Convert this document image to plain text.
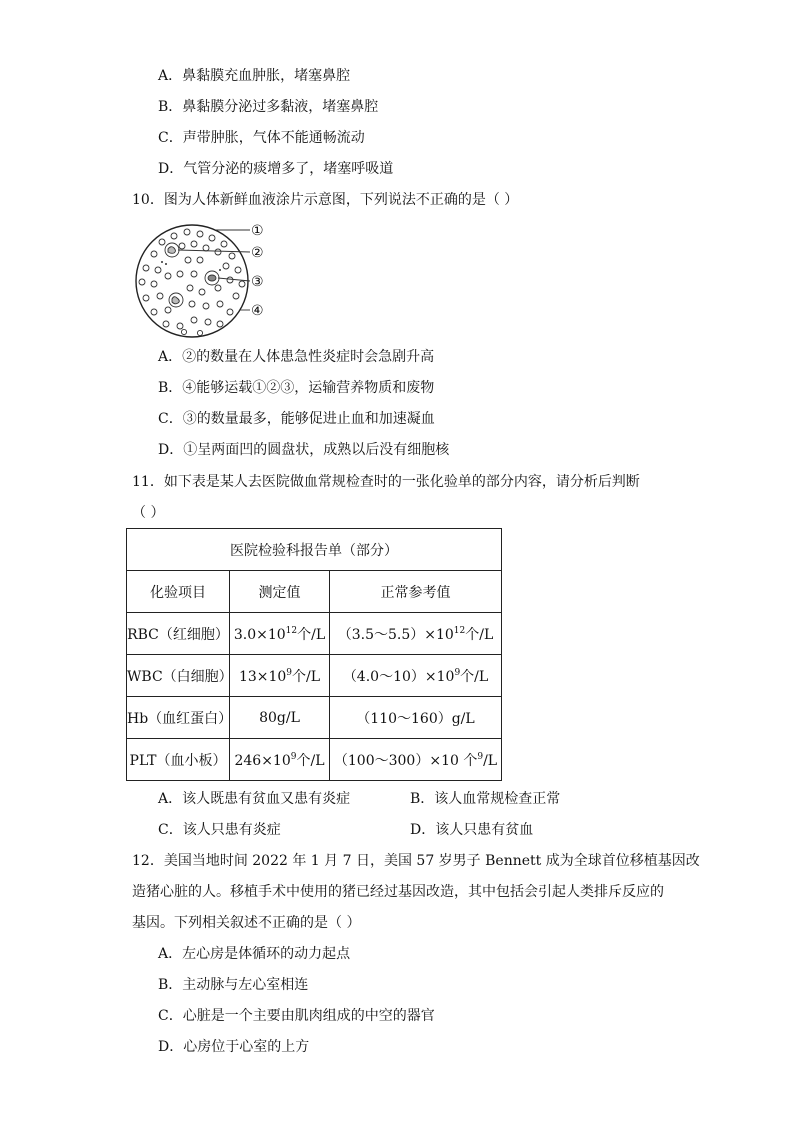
A．鼻黏膜充血肿胀，堵塞鼻腔
B．鼻黏膜分泌过多黏液，堵塞鼻腔
C．声带肿胀，气体不能通畅流动
D．气管分泌的痰增多了，堵塞呼吸道
10．图为人体新鲜血液涂片示意图，下列说法不正确的是（ ）
①
②
③
④
A．②的数量在人体患急性炎症时会急剧升高
B．④能够运载①②③，运输营养物质和废物
C．③的数量最多，能够促进止血和加速凝血
D．①呈两面凹的圆盘状，成熟以后没有细胞核
11．如下表是某人去医院做血常规检查时的一张化验单的部分内容，请分析后判断
（ ）
医院检验科报告单（部分）		
化验项目	测定值	正常参考值
RBC（红细胞）	$3.0\times 10^{12}$个/L	$(3.5\sim 5.5)\times 10^{12}$个/L
WBC（白细胞）	$13\times 10^9$个/L	$(4.0\sim 10)\times 10^9$个/L
Hb（血红蛋白）	80g/L	（110～160）g/L
PLT（血小板）	$246\times 10^9$个/L	（100～300）×10 个$^9$/L
A．该人既患有贫血又患有炎症	B．该人血常规检查正常
C．该人只患有炎症	D．该人只患有贫血
12．美国当地时间 2022 年 1 月 7 日，美国 57 岁男子 Bennett 成为全球首位移植基因改
造猪心脏的人。移植手术中使用的猪已经过基因改造，其中包括会引起人类排斥反应的
基因。下列相关叙述不正确的是（ ）
A．左心房是体循环的动力起点
B．主动脉与左心室相连
C．心脏是一个主要由肌肉组成的中空的器官
D．心房位于心室的上方
